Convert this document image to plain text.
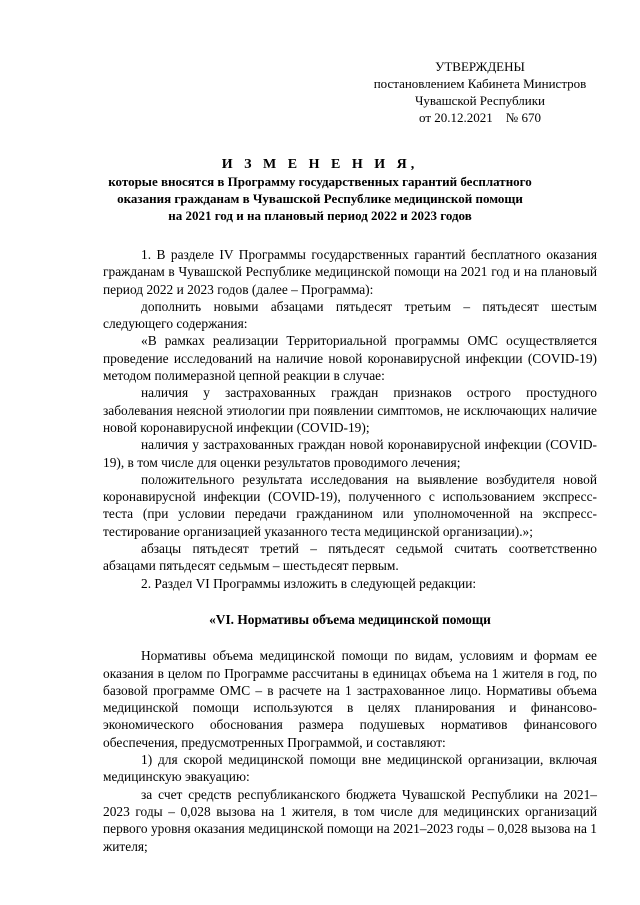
УТВЕРЖДЕНЫ
постановлением Кабинета Министров
Чувашской Республики
от 20.12.2021    № 670
И З М Е Н Е Н И Я,
которые вносятся в Программу государственных гарантий бесплатного
оказания гражданам в Чувашской Республике медицинской помощи
на 2021 год и на плановый период 2022 и 2023 годов

1. В разделе IV Программы государственных гарантий бесплатного оказания гражданам в Чувашской Республике медицинской помощи на 2021 год и на плановый период 2022 и 2023 годов (далее – Программа):

дополнить новыми абзацами пятьдесят третьим – пятьдесят шестым следующего содержания:

«В рамках реализации Территориальной программы ОМС осуществляется проведение исследований на наличие новой коронавирусной инфекции (COVID-19) методом полимеразной цепной реакции в случае:

наличия у застрахованных граждан признаков острого простудного заболевания неясной этиологии при появлении симптомов, не исключающих наличие новой коронавирусной инфекции (COVID-19);

наличия у застрахованных граждан новой коронавирусной инфекции (COVID-19), в том числе для оценки результатов проводимого лечения;

положительного результата исследования на выявление возбудителя новой коронавирусной инфекции (COVID-19), полученного с использованием экспресс-теста (при условии передачи гражданином или уполномоченной на экспресс-тестирование организацией указанного теста медицинской организации).»;

абзацы пятьдесят третий – пятьдесят седьмой считать соответственно абзацами пятьдесят седьмым – шестьдесят первым.

2. Раздел VI Программы изложить в следующей редакции:

«VI. Нормативы объема медицинской помощи

Нормативы объема медицинской помощи по видам, условиям и формам ее оказания в целом по Программе рассчитаны в единицах объема на 1 жителя в год, по базовой программе ОМС – в расчете на 1 застрахованное лицо. Нормативы объема медицинской помощи используются в целях планирования и финансово-экономического обоснования размера подушевых нормативов финансового обеспечения, предусмотренных Программой, и составляют:

1) для скорой медицинской помощи вне медицинской организации, включая медицинскую эвакуацию:

за счет средств республиканского бюджета Чувашской Республики на 2021–2023 годы – 0,028 вызова на 1 жителя, в том числе для медицинских организаций первого уровня оказания медицинской помощи на 2021–2023 годы – 0,028 вызова на 1 жителя;
